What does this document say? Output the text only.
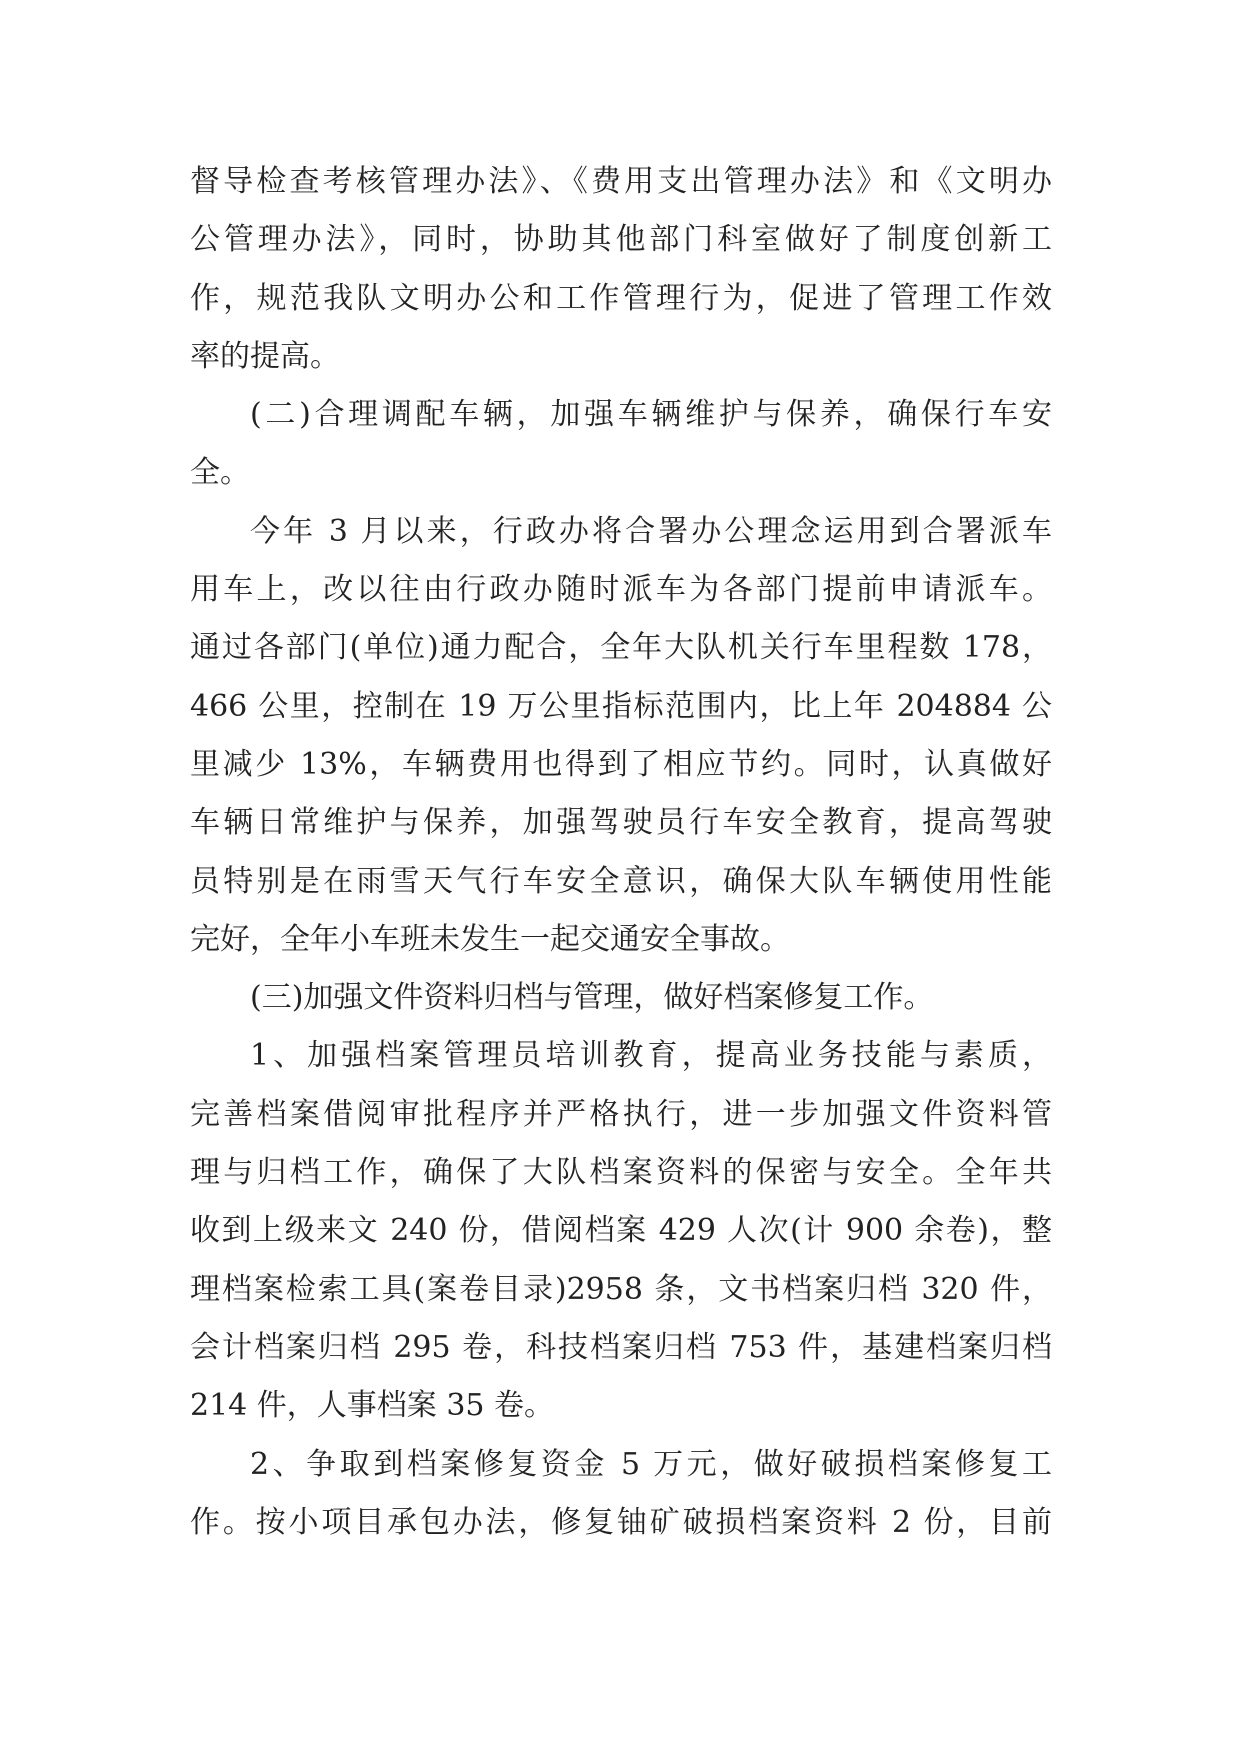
督导检查考核管理办法》、《费用支出管理办法》和《文明办
公管理办法》，同时，协助其他部门科室做好了制度创新工
作，规范我队文明办公和工作管理行为，促进了管理工作效
率的提高。
(二)合理调配车辆，加强车辆维护与保养，确保行车安
全。
今年 3 月以来，行政办将合署办公理念运用到合署派车
用车上，改以往由行政办随时派车为各部门提前申请派车。
通过各部门(单位)通力配合，全年大队机关行车里程数 178，
466 公里，控制在 19 万公里指标范围内，比上年 204884 公
里减少 13%，车辆费用也得到了相应节约。同时，认真做好
车辆日常维护与保养，加强驾驶员行车安全教育，提高驾驶
员特别是在雨雪天气行车安全意识，确保大队车辆使用性能
完好，全年小车班未发生一起交通安全事故。
(三)加强文件资料归档与管理，做好档案修复工作。
1、加强档案管理员培训教育，提高业务技能与素质，
完善档案借阅审批程序并严格执行，进一步加强文件资料管
理与归档工作，确保了大队档案资料的保密与安全。全年共
收到上级来文 240 份，借阅档案 429 人次(计 900 余卷)，整
理档案检索工具(案卷目录)2958 条，文书档案归档 320 件，
会计档案归档 295 卷，科技档案归档 753 件，基建档案归档
214 件，人事档案 35 卷。
2、争取到档案修复资金 5 万元，做好破损档案修复工
作。按小项目承包办法，修复铀矿破损档案资料 2 份，目前
